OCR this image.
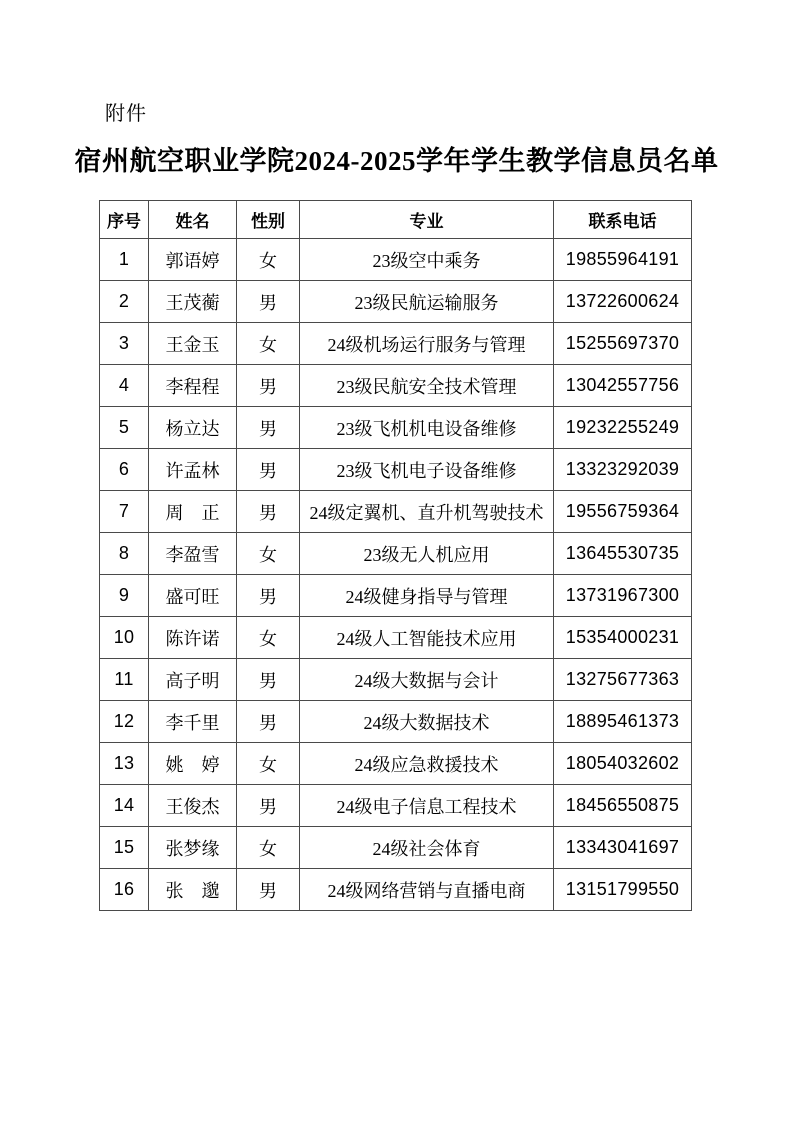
附件
宿州航空职业学院2024-2025学年学生教学信息员名单
序号	姓名	性别	专业	联系电话
1	郭语婷	女	23级空中乘务	19855964191
2	王茂蘅	男	23级民航运输服务	13722600624
3	王金玉	女	24级机场运行服务与管理	15255697370
4	李程程	男	23级民航安全技术管理	13042557756
5	杨立达	男	23级飞机机电设备维修	19232255249
6	许孟林	男	23级飞机电子设备维修	13323292039
7	周　正	男	24级定翼机、直升机驾驶技术	19556759364
8	李盈雪	女	23级无人机应用	13645530735
9	盛可旺	男	24级健身指导与管理	13731967300
10	陈许诺	女	24级人工智能技术应用	15354000231
11	高子明	男	24级大数据与会计	13275677363
12	李千里	男	24级大数据技术	18895461373
13	姚　婷	女	24级应急救援技术	18054032602
14	王俊杰	男	24级电子信息工程技术	18456550875
15	张梦缘	女	24级社会体育	13343041697
16	张　邈	男	24级网络营销与直播电商	13151799550
